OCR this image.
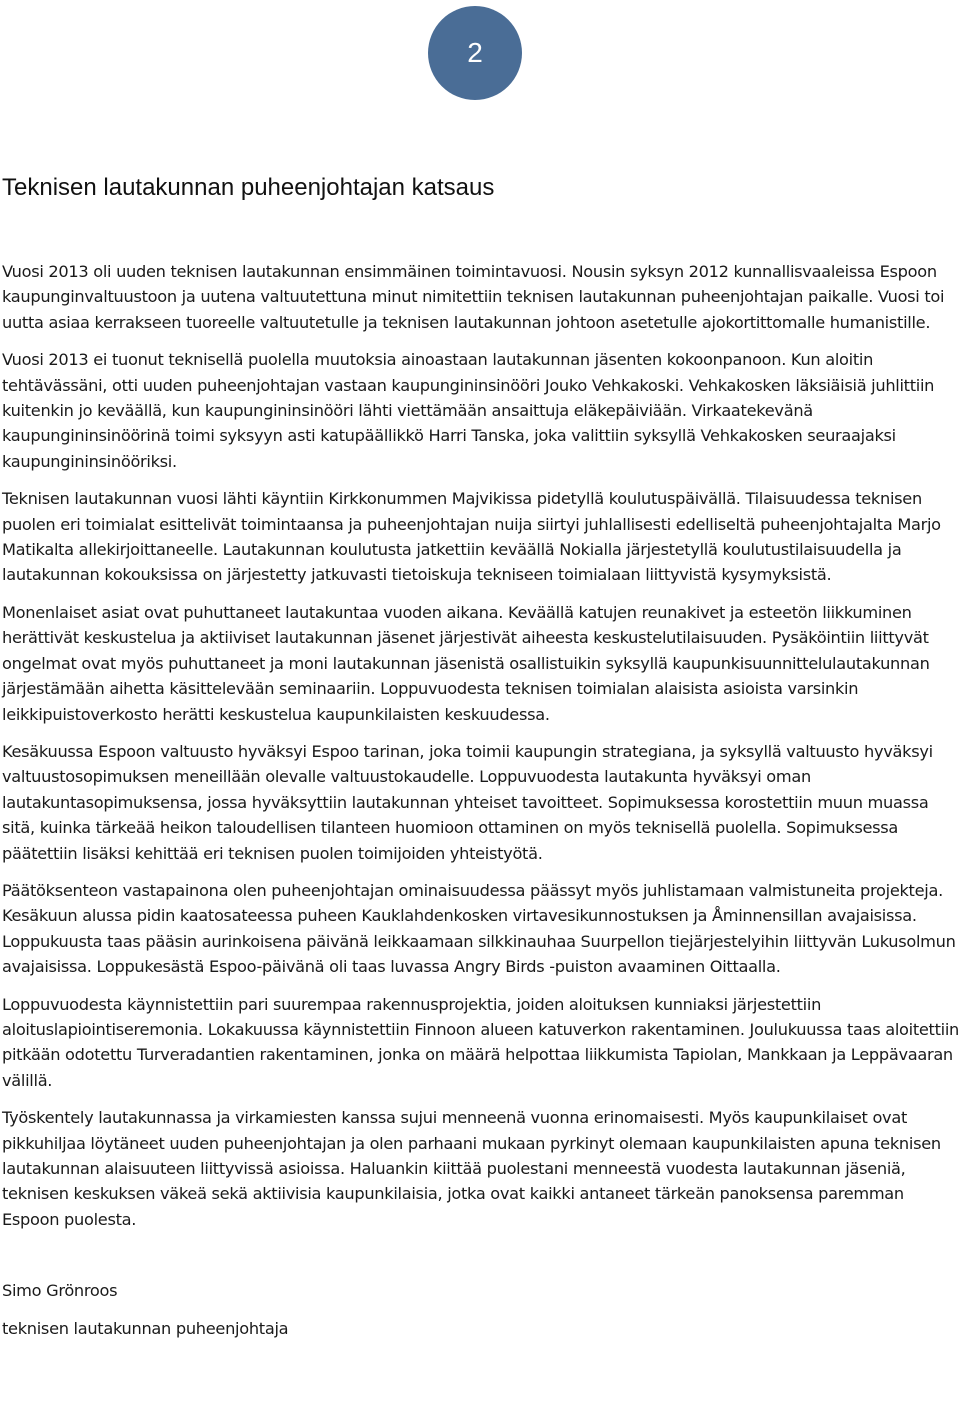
2
Teknisen lautakunnan puheenjohtajan katsaus

Vuosi 2013 oli uuden teknisen lautakunnan ensimmäinen toimintavuosi. Nousin syksyn 2012 kunnallisvaaleissa Espoon kaupunginvaltuustoon ja uutena valtuutettuna minut nimitettiin teknisen lautakunnan puheenjohtajan paikalle. Vuosi toi uutta asiaa kerrakseen tuoreelle valtuutetulle ja teknisen lautakunnan johtoon asetetulle ajokortittomalle humanistille.

Vuosi 2013 ei tuonut teknisellä puolella muutoksia ainoastaan lautakunnan jäsenten kokoonpanoon. Kun aloitin tehtävässäni, otti uuden puheenjohtajan vastaan kaupungininsinööri Jouko Vehkakoski. Vehkakosken läksiäisiä juhlittiin kuitenkin jo keväällä, kun kaupungininsinööri lähti viettämään ansaittuja eläkepäiviään. Virkaatekevänä kaupungininsinöörinä toimi syksyyn asti katupäällikkö Harri Tanska, joka valittiin syksyllä Vehkakosken seuraajaksi kaupungininsinööriksi.

Teknisen lautakunnan vuosi lähti käyntiin Kirkkonummen Majvikissa pidetyllä koulutuspäivällä. Tilaisuudessa teknisen puolen eri toimialat esittelivät toimintaansa ja puheenjohtajan nuija siirtyi juhlallisesti edelliseltä puheenjohtajalta Marjo Matikalta allekirjoittaneelle. Lautakunnan koulutusta jatkettiin keväällä Nokialla järjestetyllä koulutustilaisuudella ja lautakunnan kokouksissa on järjestetty jatkuvasti tietoiskuja tekniseen toimialaan liittyvistä kysymyksistä.

Monenlaiset asiat ovat puhuttaneet lautakuntaa vuoden aikana. Keväällä katujen reunakivet ja esteetön liikkuminen herättivät keskustelua ja aktiiviset lautakunnan jäsenet järjestivät aiheesta keskustelutilaisuuden. Pysäköintiin liittyvät ongelmat ovat myös puhuttaneet ja moni lautakunnan jäsenistä osallistuikin syksyllä kaupunkisuunnittelulautakunnan järjestämään aihetta käsittelevään seminaariin. Loppuvuodesta teknisen toimialan alaisista asioista varsinkin leikkipuistoverkosto herätti keskustelua kaupunkilaisten keskuudessa.

Kesäkuussa Espoon valtuusto hyväksyi Espoo tarinan, joka toimii kaupungin strategiana, ja syksyllä valtuusto hyväksyi valtuustosopimuksen meneillään olevalle valtuustokaudelle. Loppuvuodesta lautakunta hyväksyi oman lautakuntasopimuksensa, jossa hyväksyttiin lautakunnan yhteiset tavoitteet. Sopimuksessa korostettiin muun muassa sitä, kuinka tärkeää heikon taloudellisen tilanteen huomioon ottaminen on myös teknisellä puolella. Sopimuksessa päätettiin lisäksi kehittää eri teknisen puolen toimijoiden yhteistyötä.

Päätöksenteon vastapainona olen puheenjohtajan ominaisuudessa päässyt myös juhlistamaan valmistuneita projekteja. Kesäkuun alussa pidin kaatosateessa puheen Kauklahdenkosken virtavesikunnostuksen ja Åminnensillan avajaisissa. Loppukuusta taas pääsin aurinkoisena päivänä leikkaamaan silkkinauhaa Suurpellon tiejärjestelyihin liittyvän Lukusolmun avajaisissa. Loppukesästä Espoo-päivänä oli taas luvassa Angry Birds -puiston avaaminen Oittaalla.

Loppuvuodesta käynnistettiin pari suurempaa rakennusprojektia, joiden aloituksen kunniaksi järjestettiin aloituslapiointiseremonia. Lokakuussa käynnistettiin Finnoon alueen katuverkon rakentaminen. Joulukuussa taas aloitettiin pitkään odotettu Turveradantien rakentaminen, jonka on määrä helpottaa liikkumista Tapiolan, Mankkaan ja Leppävaaran välillä.

Työskentely lautakunnassa ja virkamiesten kanssa sujui menneenä vuonna erinomaisesti. Myös kaupunkilaiset ovat pikkuhiljaa löytäneet uuden puheenjohtajan ja olen parhaani mukaan pyrkinyt olemaan kaupunkilaisten apuna teknisen lautakunnan alaisuuteen liittyvissä asioissa. Haluankin kiittää puolestani menneestä vuodesta lautakunnan jäseniä, teknisen keskuksen väkeä sekä aktiivisia kaupunkilaisia, jotka ovat kaikki antaneet tärkeän panoksensa paremman Espoon puolesta.

Simo Grönroos
teknisen lautakunnan puheenjohtaja
